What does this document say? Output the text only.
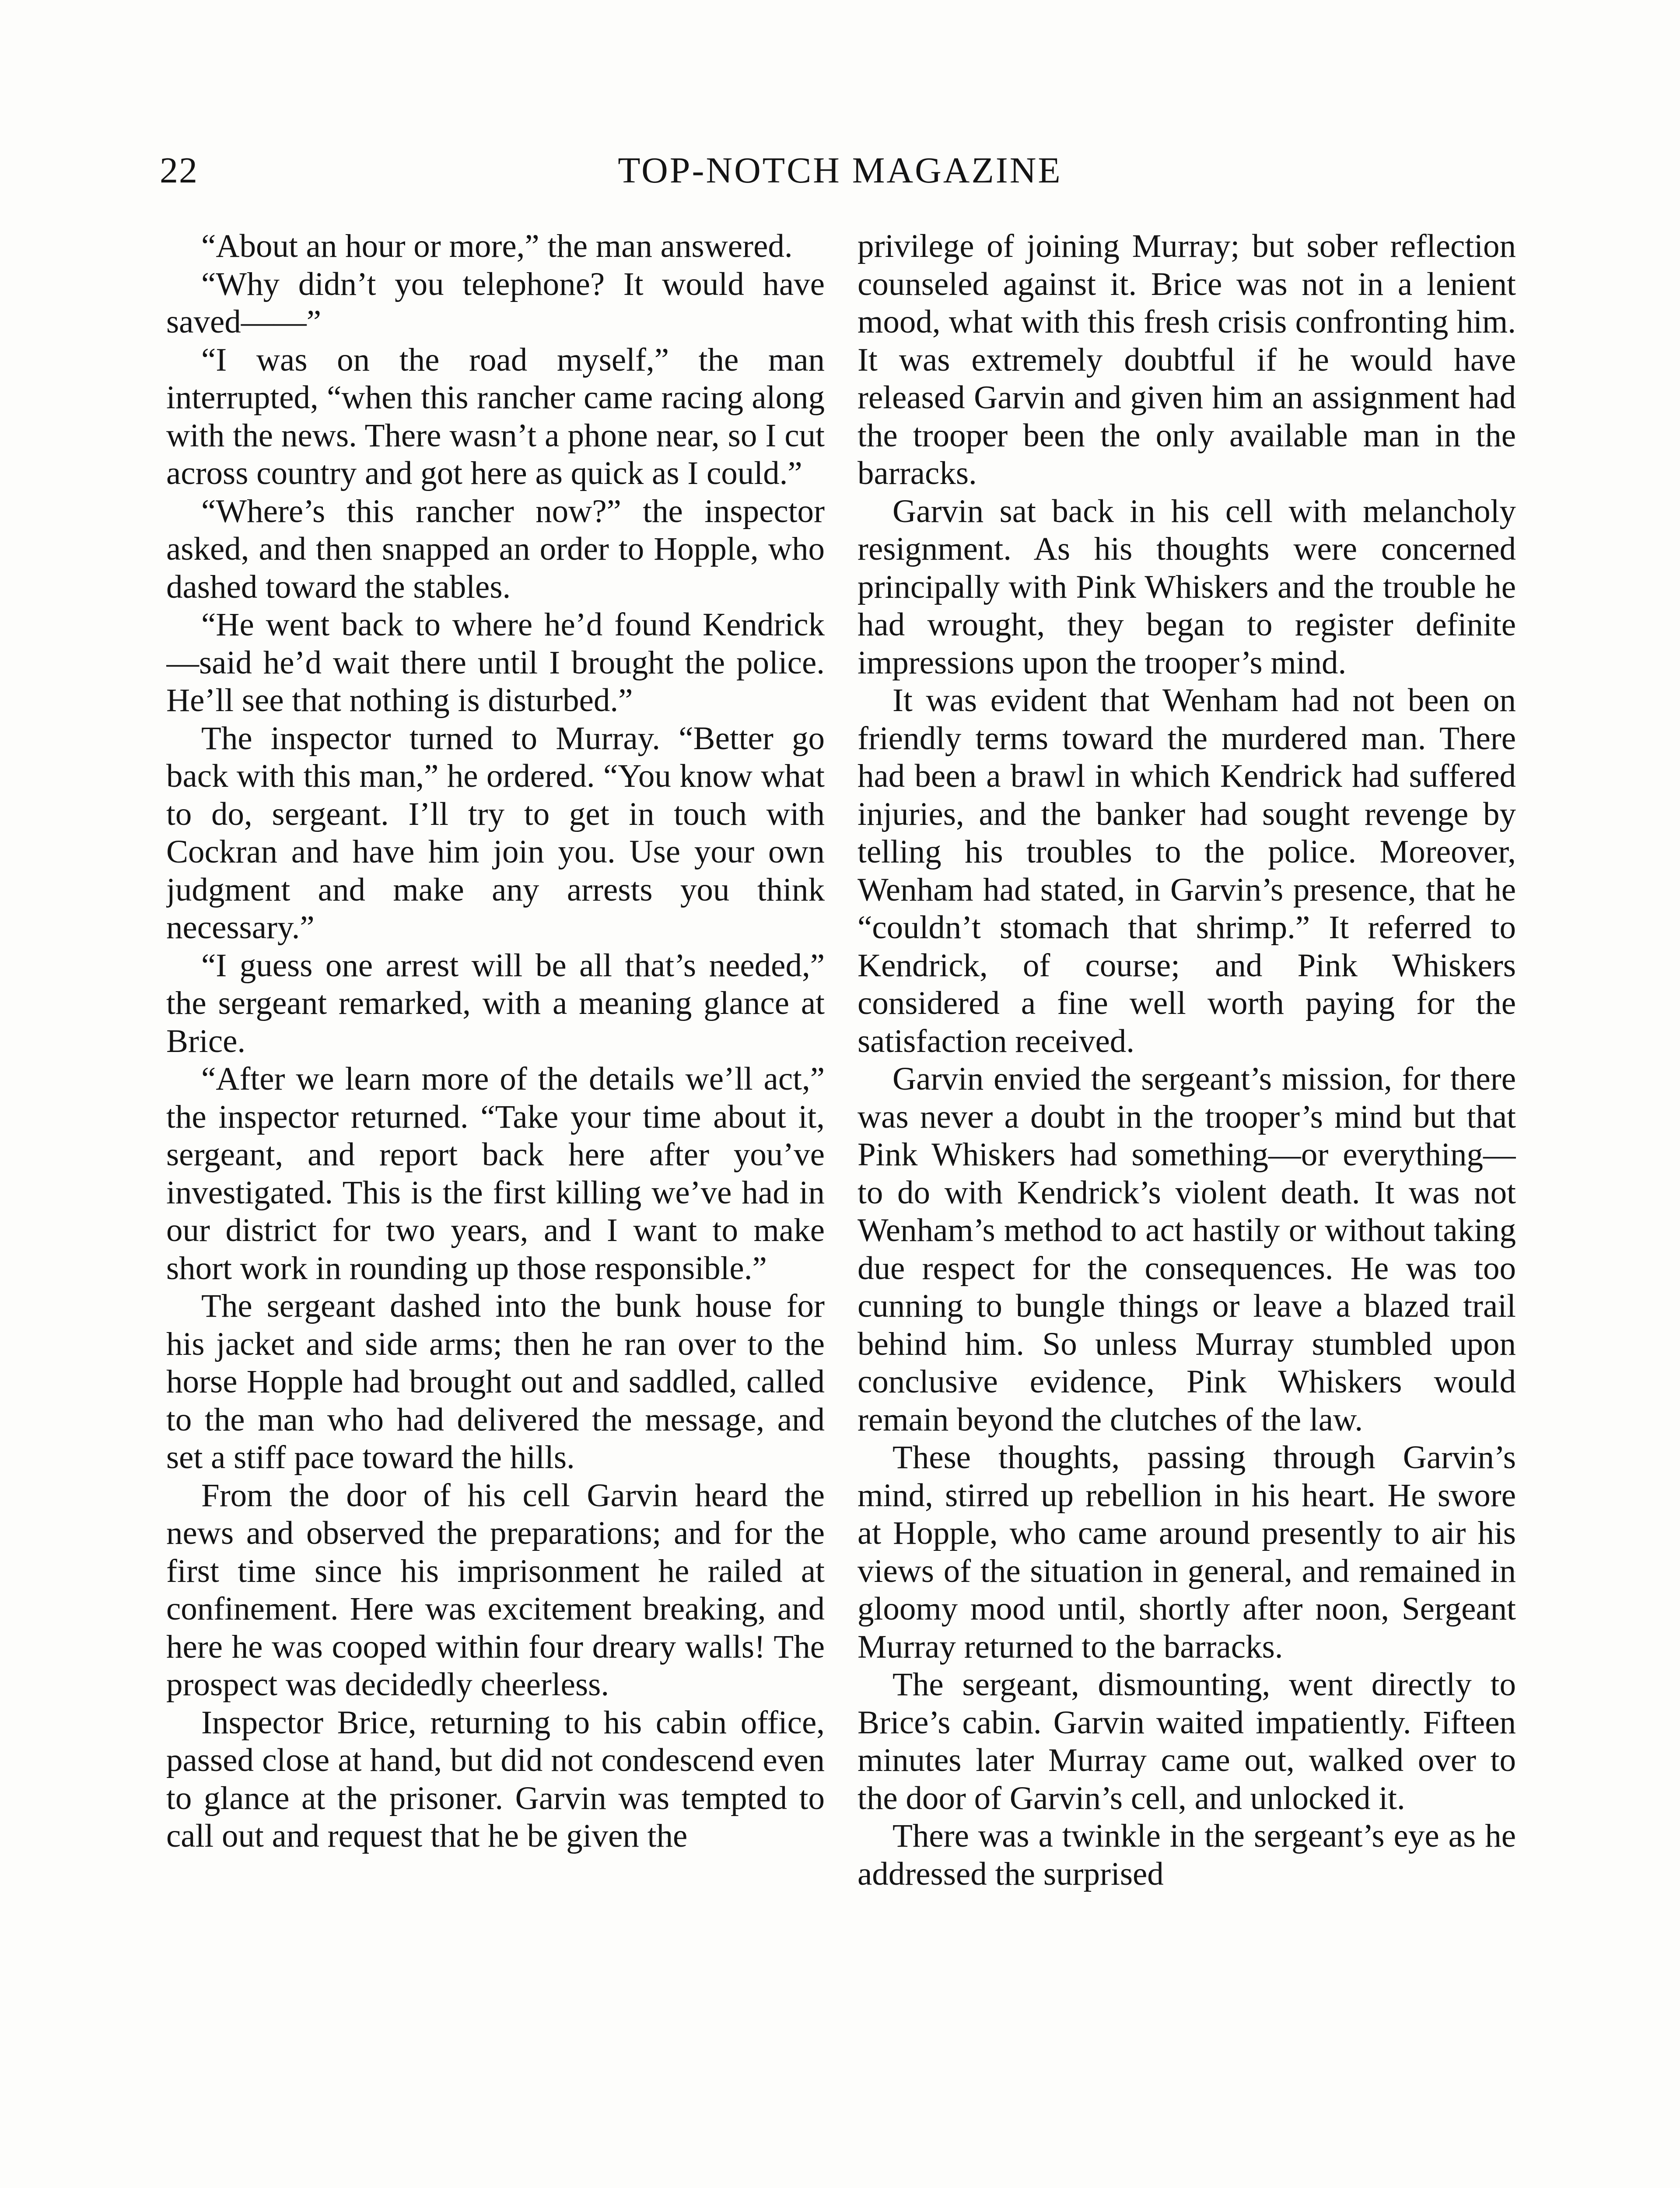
22	TOP-NOTCH MAGAZINE

“About an hour or more,” the man answered.

“Why didn’t you telephone? It would have saved——”

“I was on the road myself,” the man interrupted, “when this rancher came racing along with the news. There wasn’t a phone near, so I cut across country and got here as quick as I could.”

“Where’s this rancher now?” the inspector asked, and then snapped an order to Hopple, who dashed toward the stables.

“He went back to where he’d found Kendrick—said he’d wait there until I brought the police. He’ll see that nothing is disturbed.”

The inspector turned to Murray. “Better go back with this man,” he ordered. “You know what to do, sergeant. I’ll try to get in touch with Cockran and have him join you. Use your own judgment and make any arrests you think necessary.”

“I guess one arrest will be all that’s needed,” the sergeant remarked, with a meaning glance at Brice.

“After we learn more of the details we’ll act,” the inspector returned. “Take your time about it, sergeant, and report back here after you’ve investigated. This is the first killing we’ve had in our district for two years, and I want to make short work in rounding up those responsible.”

The sergeant dashed into the bunk house for his jacket and side arms; then he ran over to the horse Hopple had brought out and saddled, called to the man who had delivered the message, and set a stiff pace toward the hills.

From the door of his cell Garvin heard the news and observed the preparations; and for the first time since his imprisonment he railed at confinement. Here was excitement breaking, and here he was cooped within four dreary walls! The prospect was decidedly cheerless.

Inspector Brice, returning to his cabin office, passed close at hand, but did not condescend even to glance at the prisoner. Garvin was tempted to call out and request that he be given the

privilege of joining Murray; but sober reflection counseled against it. Brice was not in a lenient mood, what with this fresh crisis confronting him. It was extremely doubtful if he would have released Garvin and given him an assignment had the trooper been the only available man in the barracks.

Garvin sat back in his cell with melancholy resignment. As his thoughts were concerned principally with Pink Whiskers and the trouble he had wrought, they began to register definite impressions upon the trooper’s mind.

It was evident that Wenham had not been on friendly terms toward the murdered man. There had been a brawl in which Kendrick had suffered injuries, and the banker had sought revenge by telling his troubles to the police. Moreover, Wenham had stated, in Garvin’s presence, that he “couldn’t stomach that shrimp.” It referred to Kendrick, of course; and Pink Whiskers considered a fine well worth paying for the satisfaction received.

Garvin envied the sergeant’s mission, for there was never a doubt in the trooper’s mind but that Pink Whiskers had something—or everything—to do with Kendrick’s violent death. It was not Wenham’s method to act hastily or without taking due respect for the consequences. He was too cunning to bungle things or leave a blazed trail behind him. So unless Murray stumbled upon conclusive evidence, Pink Whiskers would remain beyond the clutches of the law.

These thoughts, passing through Garvin’s mind, stirred up rebellion in his heart. He swore at Hopple, who came around presently to air his views of the situation in general, and remained in gloomy mood until, shortly after noon, Sergeant Murray returned to the barracks.

The sergeant, dismounting, went directly to Brice’s cabin. Garvin waited impatiently. Fifteen minutes later Murray came out, walked over to the door of Garvin’s cell, and unlocked it.

There was a twinkle in the sergeant’s eye as he addressed the surprised
